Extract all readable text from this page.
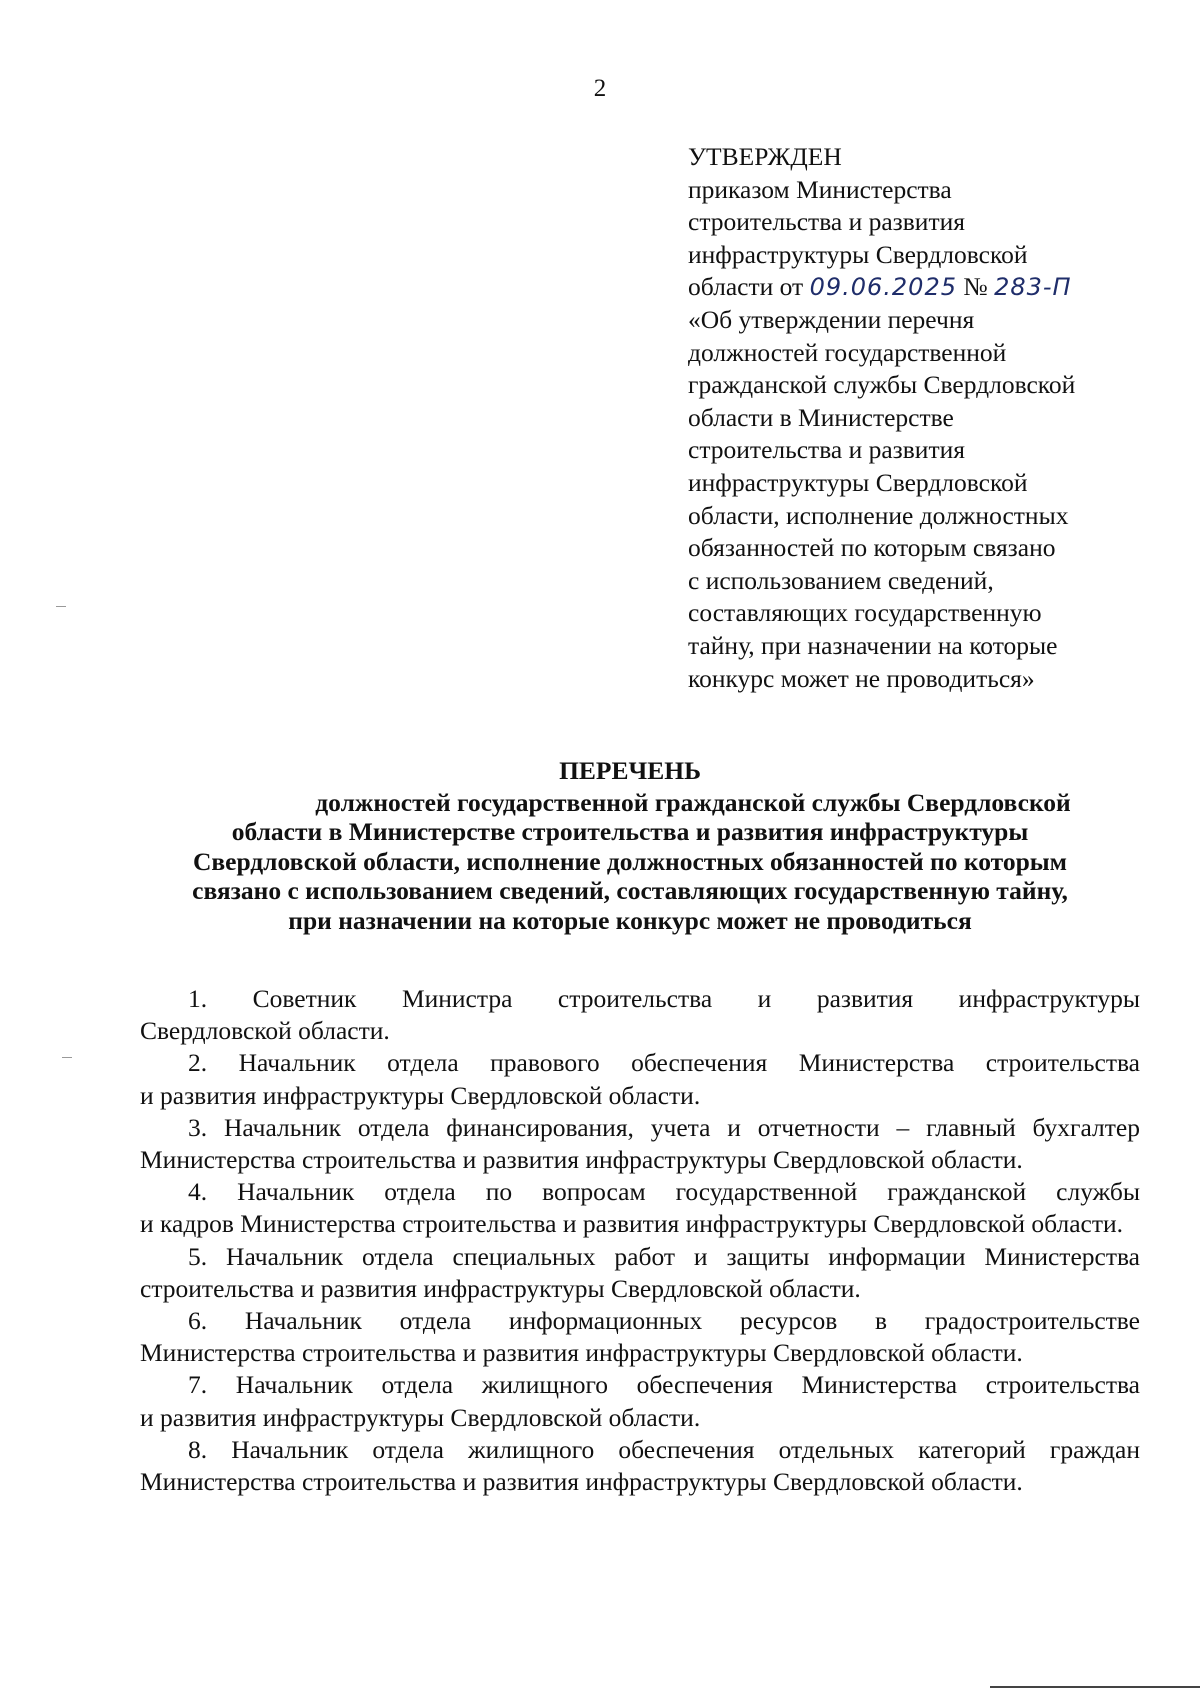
2
УТВЕРЖДЕН
приказом Министерства
строительства и развития
инфраструктуры Свердловской
области от 09.06.2025 № 283-П
«Об утверждении перечня
должностей государственной
гражданской службы Свердловской
области в Министерстве
строительства и развития
инфраструктуры Свердловской
области, исполнение должностных
обязанностей по которым связано
с использованием сведений,
составляющих государственную
тайну, при назначении на которые
конкурс может не проводиться»
ПЕРЕЧЕНЬ
должностей государственной гражданской службы Свердловской
области в Министерстве строительства и развития инфраструктуры
Свердловской области, исполнение должностных обязанностей по которым
связано с использованием сведений, составляющих государственную тайну,
при назначении на которые конкурс может не проводиться
1. Советник Министра строительства и развития инфраструктуры
Свердловской области.
2. Начальник отдела правового обеспечения Министерства строительства
и развития инфраструктуры Свердловской области.
3. Начальник отдела финансирования, учета и отчетности – главный бухгалтер
Министерства строительства и развития инфраструктуры Свердловской области.
4. Начальник отдела по вопросам государственной гражданской службы
и кадров Министерства строительства и развития инфраструктуры Свердловской области.
5. Начальник отдела специальных работ и защиты информации Министерства
строительства и развития инфраструктуры Свердловской области.
6. Начальник отдела информационных ресурсов в градостроительстве
Министерства строительства и развития инфраструктуры Свердловской области.
7. Начальник отдела жилищного обеспечения Министерства строительства
и развития инфраструктуры Свердловской области.
8. Начальник отдела жилищного обеспечения отдельных категорий граждан
Министерства строительства и развития инфраструктуры Свердловской области.
